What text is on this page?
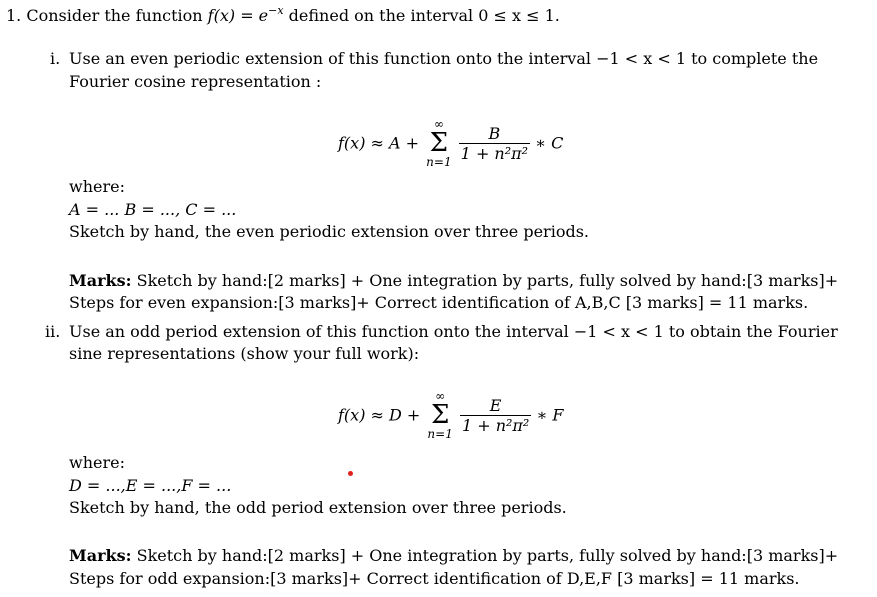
1. Consider the function $f(x) = e^{-x}$ defined on the interval 0 ≤ x ≤ 1.
i. Use an even periodic extension of this function onto the interval −1 < x < 1 to complete the
Fourier cosine representation :
f(x) ≈ A +
∞
Σ
n=1
$\frac{B}{\text{1 + n²π²}}$ ∗ C
where:
A = ... B = ..., C = ...
Sketch by hand, the even periodic extension over three periods.
Marks: Sketch by hand:[2 marks] + One integration by parts, fully solved by hand:[3 marks]+
Steps for even expansion:[3 marks]+ Correct identification of A,B,C [3 marks] = 11 marks.
ii. Use an odd period extension of this function onto the interval −1 < x < 1 to obtain the Fourier
sine representations (show your full work):
f(x) ≈ D +
∞
Σ
n=1
$\frac{E}{\text{1 + n²π²}}$ ∗ F
where:
D = ...,E = ...,F = ...
Sketch by hand, the odd period extension over three periods.
Marks: Sketch by hand:[2 marks] + One integration by parts, fully solved by hand:[3 marks]+
Steps for odd expansion:[3 marks]+ Correct identification of D,E,F [3 marks] = 11 marks.
